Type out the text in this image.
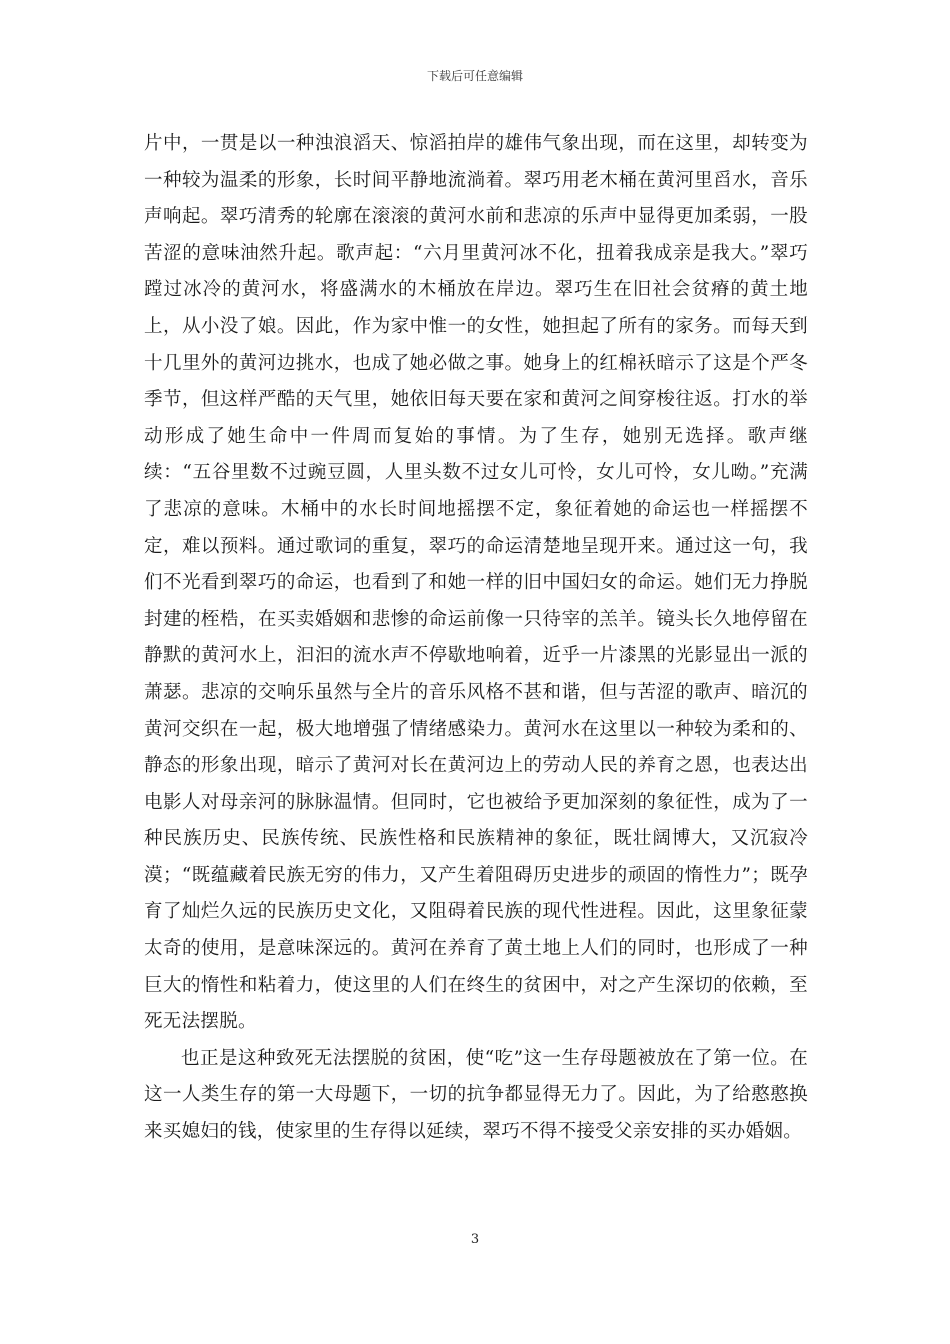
下载后可任意编辑

片中，一贯是以一种浊浪滔天、惊滔拍岸的雄伟气象出现，而在这里，却转变为一种较为温柔的形象，长时间平静地流淌着。翠巧用老木桶在黄河里舀水，音乐声响起。翠巧清秀的轮廓在滚滚的黄河水前和悲凉的乐声中显得更加柔弱，一股苦涩的意味油然升起。歌声起：“六月里黄河冰不化，扭着我成亲是我大。”翠巧蹚过冰冷的黄河水，将盛满水的木桶放在岸边。翠巧生在旧社会贫瘠的黄土地上，从小没了娘。因此，作为家中惟一的女性，她担起了所有的家务。而每天到十几里外的黄河边挑水，也成了她必做之事。她身上的红棉袄暗示了这是个严冬季节，但这样严酷的天气里，她依旧每天要在家和黄河之间穿梭往返。打水的举动形成了她生命中一件周而复始的事情。为了生存，她别无选择。歌声继续：“五谷里数不过豌豆圆，人里头数不过女儿可怜，女儿可怜，女儿呦。”充满了悲凉的意味。木桶中的水长时间地摇摆不定，象征着她的命运也一样摇摆不定，难以预料。通过歌词的重复，翠巧的命运清楚地呈现开来。通过这一句，我们不光看到翠巧的命运，也看到了和她一样的旧中国妇女的命运。她们无力挣脱封建的桎梏，在买卖婚姻和悲惨的命运前像一只待宰的羔羊。镜头长久地停留在静默的黄河水上，汩汩的流水声不停歇地响着，近乎一片漆黑的光影显出一派的萧瑟。悲凉的交响乐虽然与全片的音乐风格不甚和谐，但与苦涩的歌声、暗沉的黄河交织在一起，极大地增强了情绪感染力。黄河水在这里以一种较为柔和的、静态的形象出现，暗示了黄河对长在黄河边上的劳动人民的养育之恩，也表达出电影人对母亲河的脉脉温情。但同时，它也被给予更加深刻的象征性，成为了一种民族历史、民族传统、民族性格和民族精神的象征，既壮阔博大，又沉寂冷漠；“既蕴藏着民族无穷的伟力，又产生着阻碍历史进步的顽固的惰性力”；既孕育了灿烂久远的民族历史文化，又阻碍着民族的现代性进程。因此，这里象征蒙太奇的使用，是意味深远的。黄河在养育了黄土地上人们的同时，也形成了一种巨大的惰性和粘着力，使这里的人们在终生的贫困中，对之产生深切的依赖，至死无法摆脱。

也正是这种致死无法摆脱的贫困，使“吃”这一生存母题被放在了第一位。在这一人类生存的第一大母题下，一切的抗争都显得无力了。因此，为了给憨憨换来买媳妇的钱，使家里的生存得以延续，翠巧不得不接受父亲安排的买办婚姻。

3
